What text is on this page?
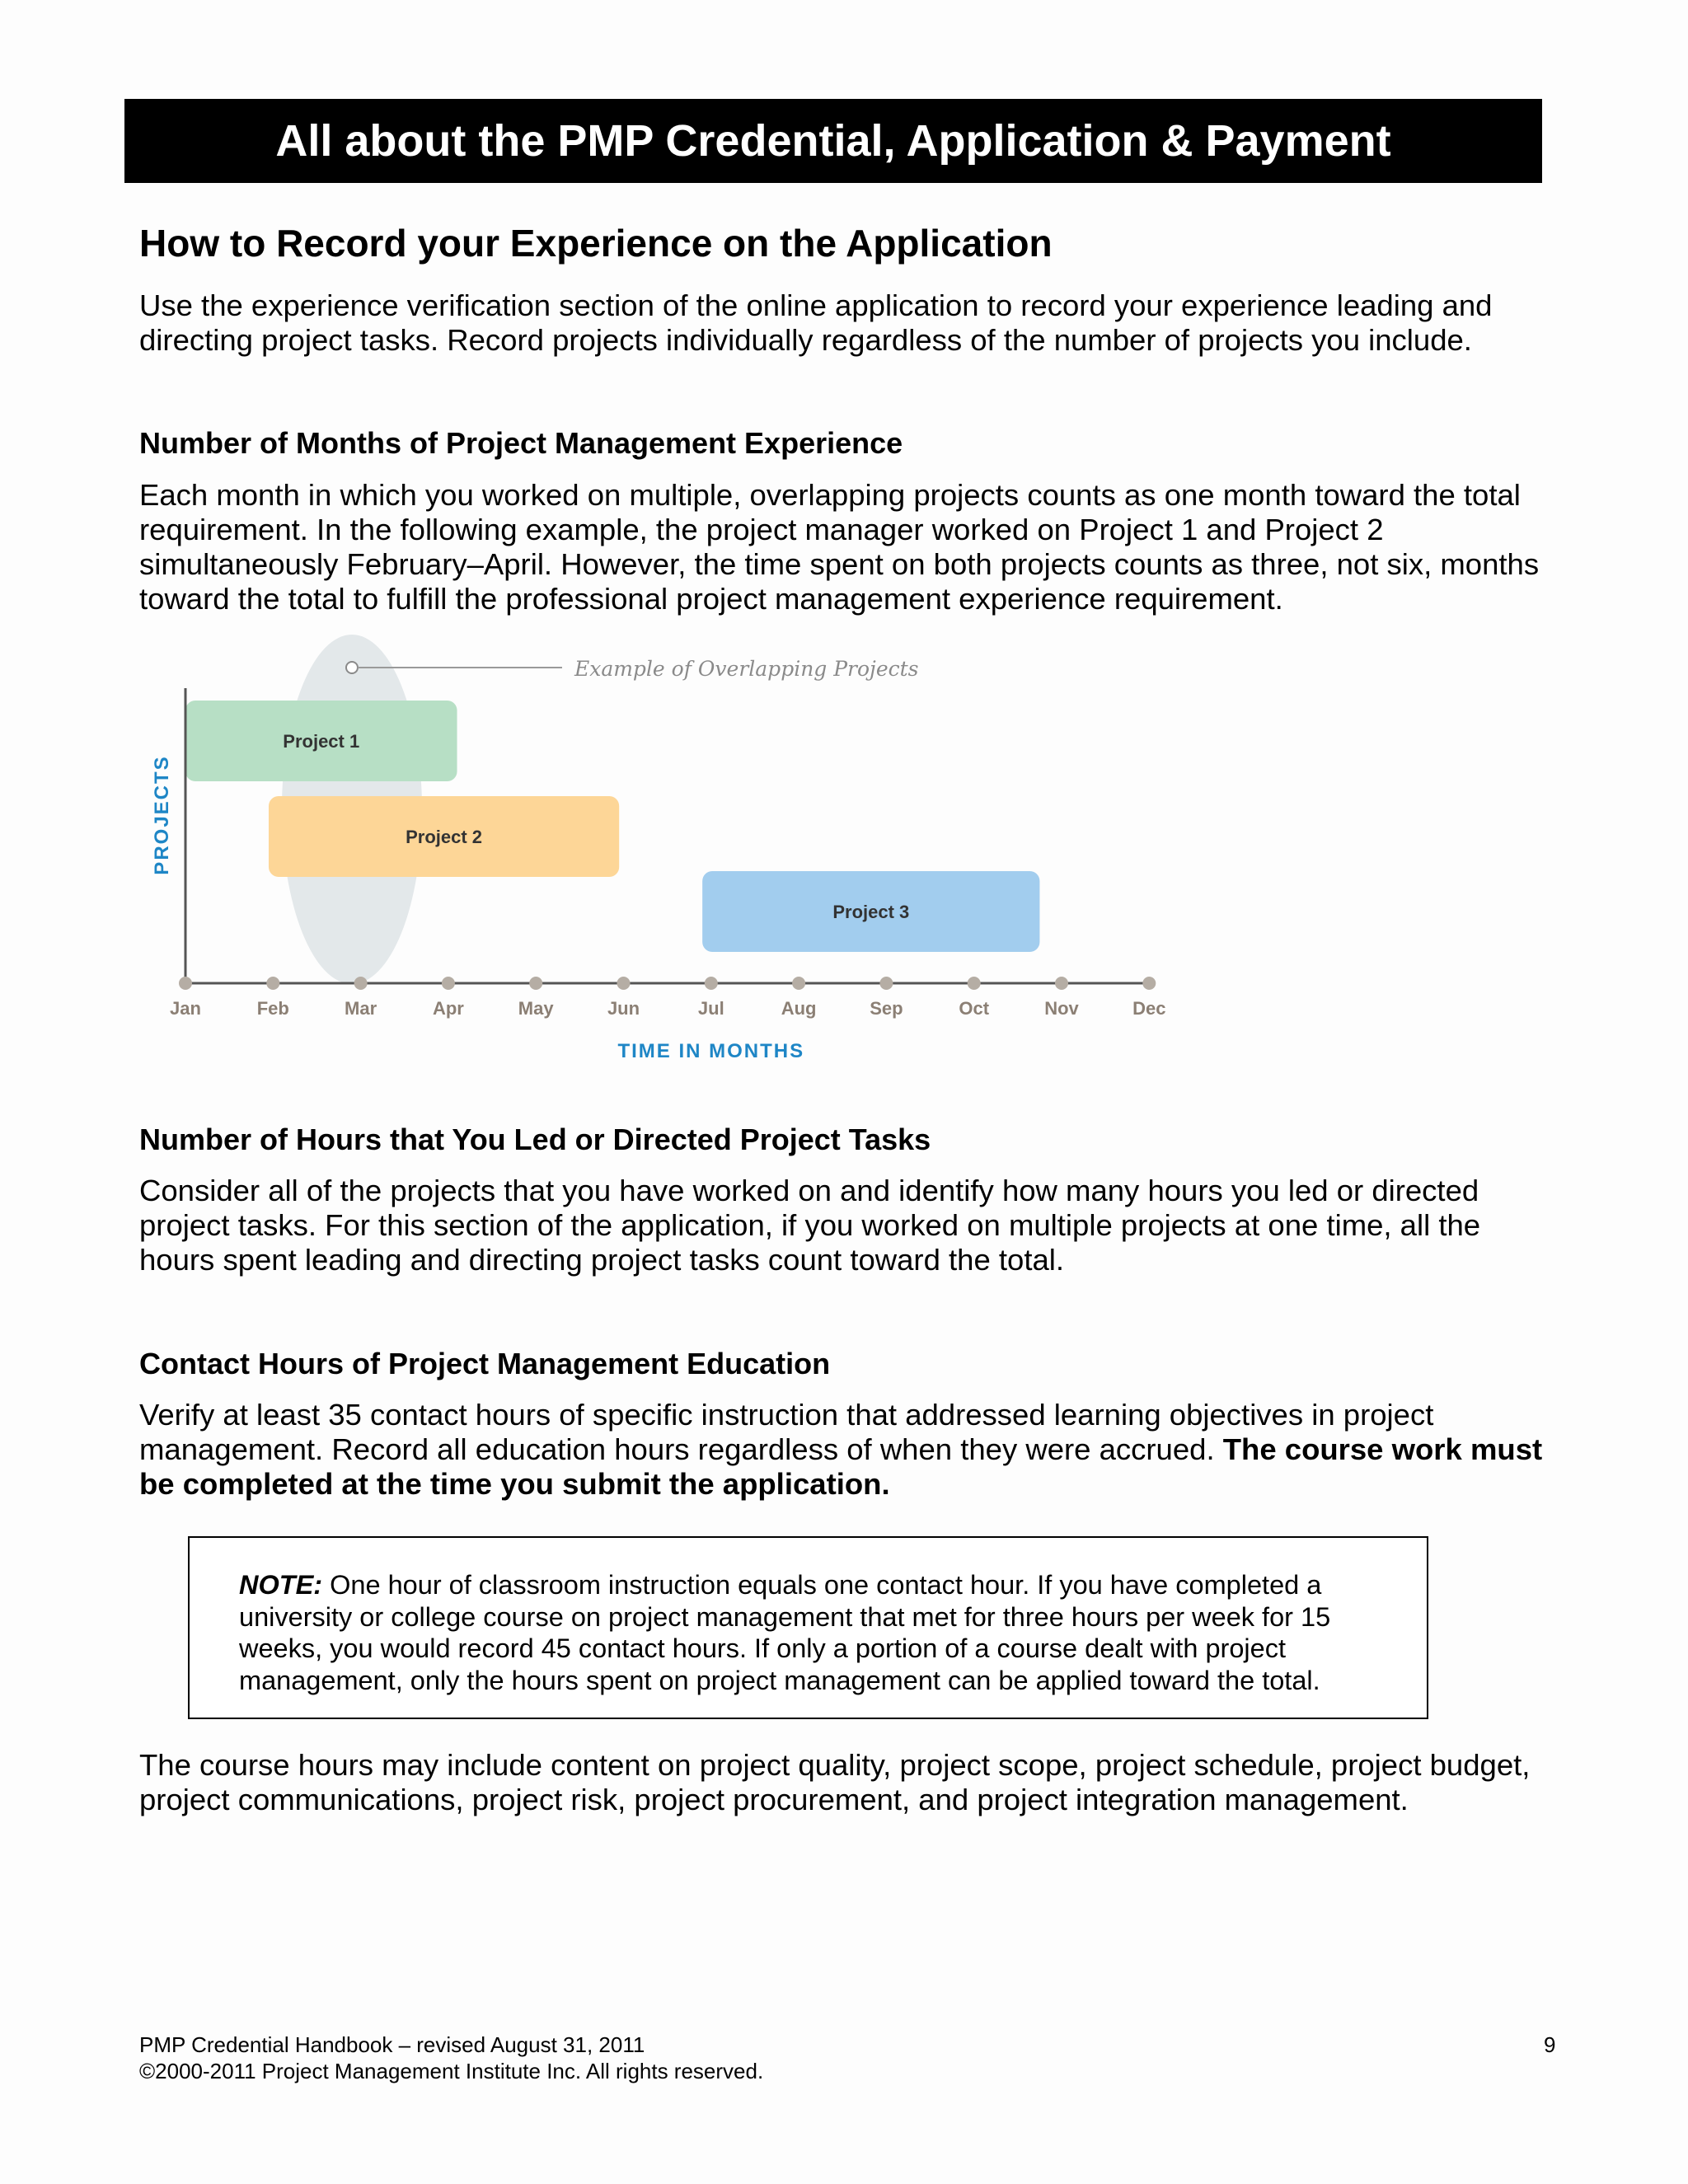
All about the PMP Credential, Application & Payment
How to Record your Experience on the Application
Use the experience verification section of the online application to record your experience leading and directing project tasks. Record projects individually regardless of the number of projects you include.
Number of Months of Project Management Experience
Each month in which you worked on multiple, overlapping projects counts as one month toward the total requirement. In the following example, the project manager worked on Project 1 and Project 2 simultaneously February–April. However, the time spent on both projects counts as three, not six, months toward the total to fulfill the professional project management experience requirement.
Example of Overlapping Projects
Project 1
Project 2
Project 3
Jan	Feb	Mar	Apr	May	Jun	Jul	Aug	Sep	Oct	Nov	Dec
TIME IN MONTHS
PROJECTS
Number of Hours that You Led or Directed Project Tasks
Consider all of the projects that you have worked on and identify how many hours you led or directed project tasks. For this section of the application, if you worked on multiple projects at one time, all the hours spent leading and directing project tasks count toward the total.
Contact Hours of Project Management Education
Verify at least 35 contact hours of specific instruction that addressed learning objectives in project management. Record all education hours regardless of when they were accrued. The course work must be completed at the time you submit the application.
NOTE: One hour of classroom instruction equals one contact hour. If you have completed a university or college course on project management that met for three hours per week for 15 weeks, you would record 45 contact hours. If only a portion of a course dealt with project management, only the hours spent on project management can be applied toward the total.
The course hours may include content on project quality, project scope, project schedule, project budget, project communications, project risk, project procurement, and project integration management.
PMP Credential Handbook – revised August 31, 2011
©2000-2011 Project Management Institute Inc. All rights reserved.
9
